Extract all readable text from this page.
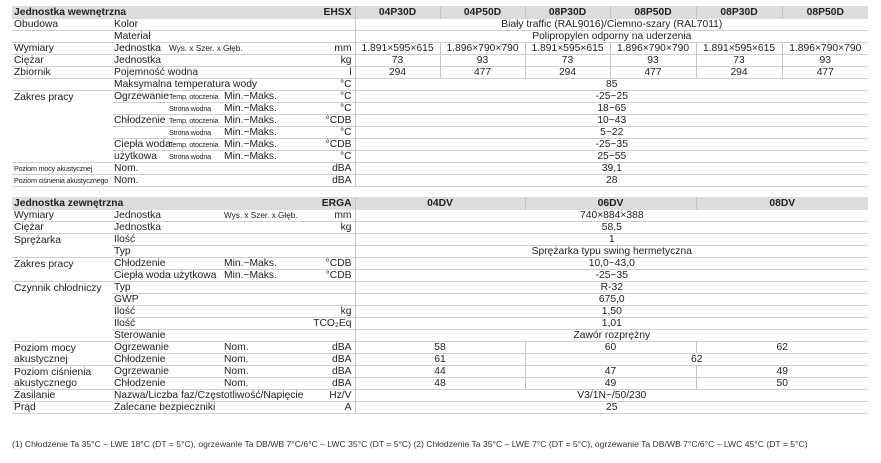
Jednostka wewnętrzna				EHSX	04P30D	04P50D	08P30D	08P50D	08P30D	08P50D
Obudowa	Kolor				Biały traffic (RAL9016)/Ciemno-szary (RAL7011)					
	Materiał				Polipropylen odporny na uderzenia					
Wymiary	Jednostka	Wys. x Szer. x Głęb.		mm	1.891×595×615	1.896×790×790	1.891×595×615	1.896×790×790	1.891×595×615	1.896×790×790
Ciężar	Jednostka			kg	73	93	73	93	73	93
Zbiornik	Pojemność wodna			l	294	477	294	477	294	477
	Maksymalna temperatura wody			°C	85					
Zakres pracy	Ogrzewanie	Temp. otoczenia	Min.~Maks.	°C	-25~25					
		Strona wodna	Min.~Maks.	°C	18~65					
	Chłodzenie	Temp. otoczenia	Min.~Maks.	°CDB	10~43					
		Strona wodna	Min.~Maks.	°C	5~22					
	Ciepła woda	Temp. otoczenia	Min.~Maks.	°CDB	-25~35					
	użytkowa	Strona wodna	Min.~Maks.	°C	25~55					
Poziom mocy akustycznej	Nom.			dBA	39,1					
Poziom ciśnienia akustycznego	Nom.			dBA	28					
Jednostka zewnętrzna			ERGA	04DV	06DV	08DV
Wymiary	Jednostka	Wys. x Szer. x Głęb.	mm	740×884×388		
Ciężar	Jednostka		kg	58,5		
Sprężarka	Ilość			1		
	Typ			Sprężarka typu swing hermetyczna		
Zakres pracy	Chłodzenie	Min.~Maks.	°CDB	10,0~43,0		
	Ciepła woda użytkowa	Min.~Maks.	°CDB	-25~35		
Czynnik chłodniczy	Typ			R-32		
	GWP			675,0		
	Ilość		kg	1,50		
	Ilość		TCO₂Eq	1,01		
	Sterowanie			Zawór rozprężny		
Poziom mocy	Ogrzewanie	Nom.	dBA	58	60	62
akustycznej	Chłodzenie	Nom.	dBA	61	62	
Poziom ciśnienia	Ogrzewanie	Nom.	dBA	44	47	49
akustycznego	Chłodzenie	Nom.	dBA	48	49	50
Zasilanie	Nazwa/Liczba faz/Częstotliwość/Napięcie		Hz/V	V3/1N~/50/230		
Prąd	Zalecane bezpieczniki		A	25		
(1) Chłodzenie Ta 35°C – LWE 18°C (DT = 5°C), ogrzewanie Ta DB/WB 7°C/6°C – LWC 35°C (DT = 5°C) (2) Chłodzenie Ta 35°C – LWE 7°C (DT = 5°C), ogrzewanie Ta DB/WB 7°C/6°C – LWC 45°C (DT = 5°C)
